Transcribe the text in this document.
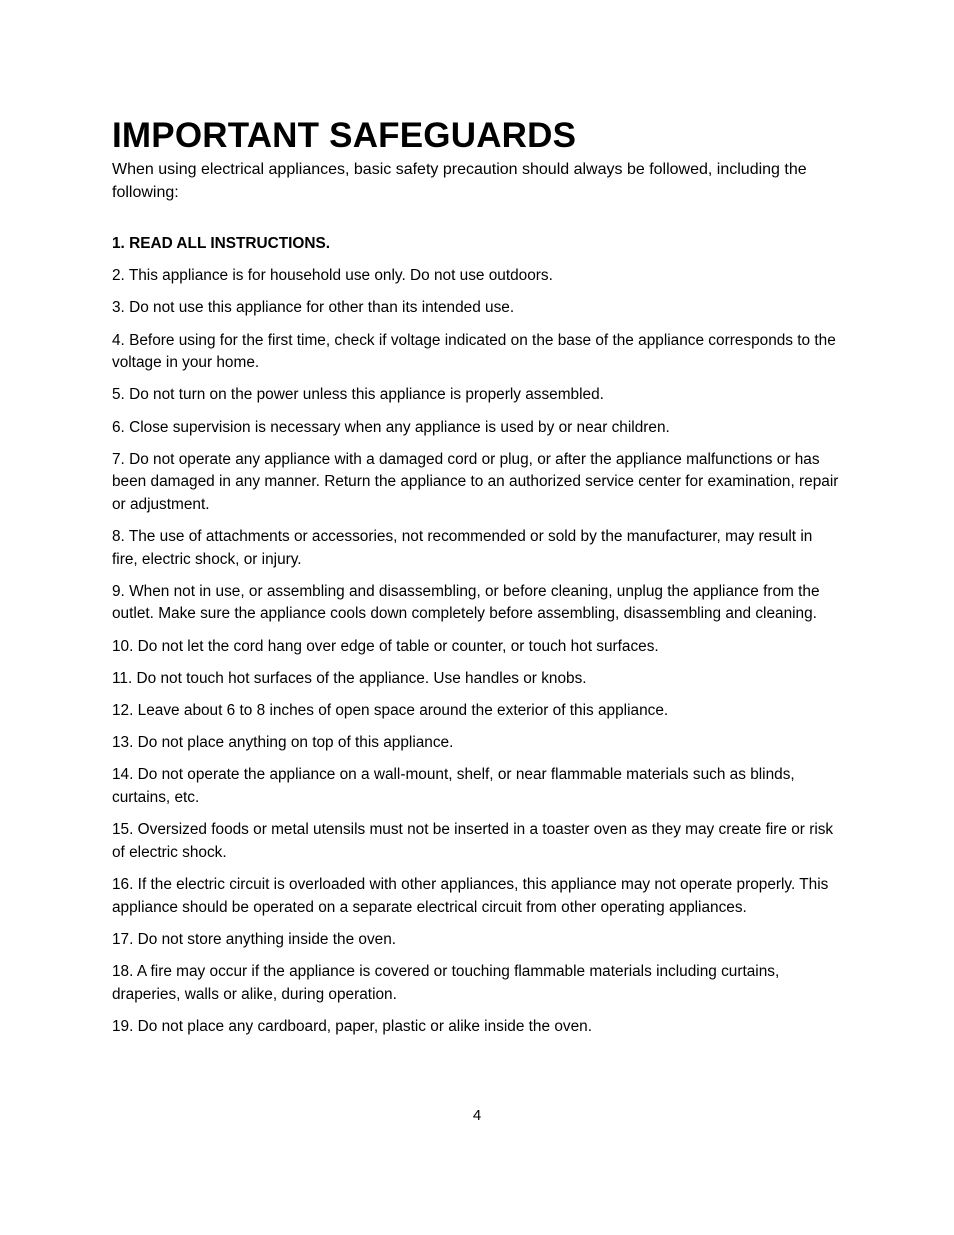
IMPORTANT SAFEGUARDS

When using electrical appliances, basic safety precaution should always be followed, including the following:

1. READ ALL INSTRUCTIONS.

2. This appliance is for household use only. Do not use outdoors.

3. Do not use this appliance for other than its intended use.

4. Before using for the first time, check if voltage indicated on the base of the appliance corresponds to the voltage in your home.

5. Do not turn on the power unless this appliance is properly assembled.

6. Close supervision is necessary when any appliance is used by or near children.

7. Do not operate any appliance with a damaged cord or plug, or after the appliance malfunctions or has been damaged in any manner. Return the appliance to an authorized service center for examination, repair or adjustment.

8. The use of attachments or accessories, not recommended or sold by the manufacturer, may result in fire, electric shock, or injury.

9. When not in use, or assembling and disassembling, or before cleaning, unplug the appliance from the outlet. Make sure the appliance cools down completely before assembling, disassembling and cleaning.

10. Do not let the cord hang over edge of table or counter, or touch hot surfaces.

11. Do not touch hot surfaces of the appliance. Use handles or knobs.

12. Leave about 6 to 8 inches of open space around the exterior of this appliance.

13. Do not place anything on top of this appliance.

14. Do not operate the appliance on a wall-mount, shelf, or near flammable materials such as blinds, curtains, etc.

15. Oversized foods or metal utensils must not be inserted in a toaster oven as they may create fire or risk of electric shock.

16. If the electric circuit is overloaded with other appliances, this appliance may not operate properly. This appliance should be operated on a separate electrical circuit from other operating appliances.

17. Do not store anything inside the oven.

18. A fire may occur if the appliance is covered or touching flammable materials including curtains, draperies, walls or alike, during operation.

19. Do not place any cardboard, paper, plastic or alike inside the oven.

4
